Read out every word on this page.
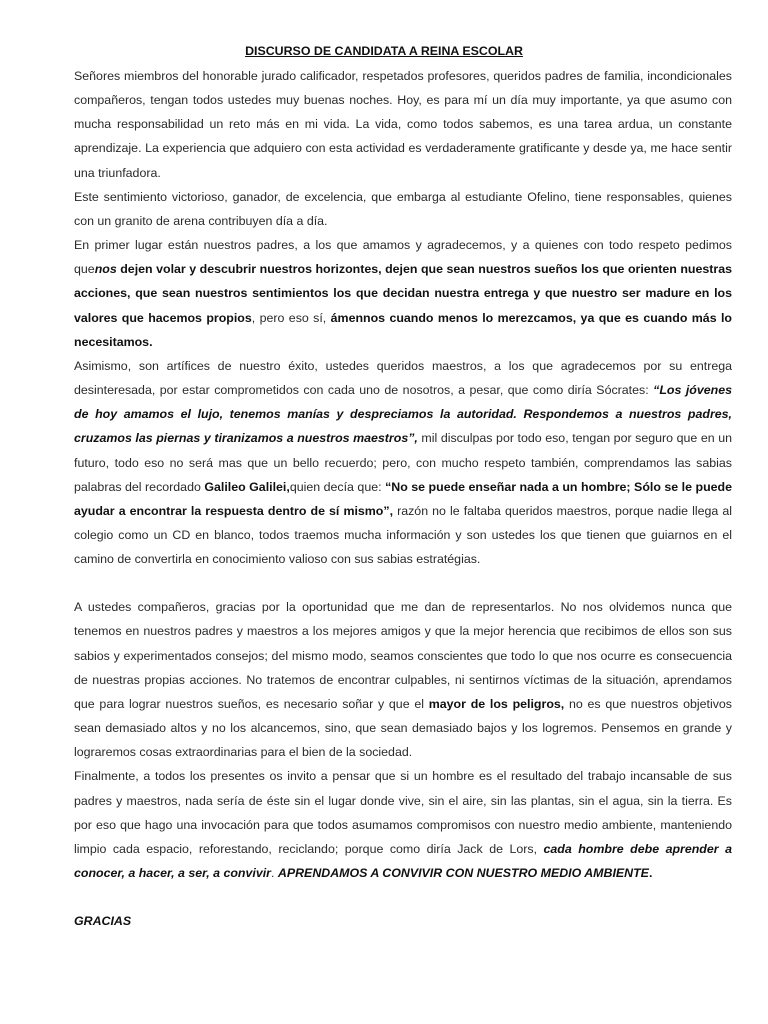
DISCURSO DE CANDIDATA A REINA ESCOLAR

Señores miembros del honorable jurado calificador, respetados profesores, queridos padres de familia, incondicionales compañeros, tengan todos ustedes muy buenas noches. Hoy, es para mí un día muy importante, ya que asumo con mucha responsabilidad un reto más en mi vida. La vida, como todos sabemos, es una tarea ardua, un constante aprendizaje. La experiencia que adquiero con esta actividad es verdaderamente gratificante y desde ya, me hace sentir una triunfadora.

Este sentimiento victorioso, ganador, de excelencia, que embarga al estudiante Ofelino, tiene responsables, quienes con un granito de arena contribuyen día a día.

En primer lugar están nuestros padres, a los que amamos y agradecemos, y a quienes con todo respeto pedimos quenos dejen volar y descubrir nuestros horizontes, dejen que sean nuestros sueños los que orienten nuestras acciones, que sean nuestros sentimientos los que decidan nuestra entrega y que nuestro ser madure en los valores que hacemos propios, pero eso sí, ámennos cuando menos lo merezcamos, ya que es cuando más lo necesitamos.

Asimismo, son artífices de nuestro éxito, ustedes queridos maestros, a los que agradecemos por su entrega desinteresada, por estar comprometidos con cada uno de nosotros, a pesar, que como diría Sócrates: “Los jóvenes de hoy amamos el lujo, tenemos manías y despreciamos la autoridad. Respondemos a nuestros padres, cruzamos las piernas y tiranizamos a nuestros maestros”, mil disculpas por todo eso, tengan por seguro que en un futuro, todo eso no será mas que un bello recuerdo; pero, con mucho respeto también, comprendamos las sabias palabras del recordado Galileo Galilei,quien decía que: “No se puede enseñar nada a un hombre; Sólo se le puede ayudar a encontrar la respuesta dentro de sí mismo”, razón no le faltaba queridos maestros, porque nadie llega al colegio como un CD en blanco, todos traemos mucha información y son ustedes los que tienen que guiarnos en el camino de convertirla en conocimiento valioso con sus sabias estratégias.

A ustedes compañeros, gracias por la oportunidad que me dan de representarlos. No nos olvidemos nunca que tenemos en nuestros padres y maestros a los mejores amigos y que la mejor herencia que recibimos de ellos son sus sabios y experimentados consejos; del mismo modo, seamos conscientes que todo lo que nos ocurre es consecuencia de nuestras propias acciones. No tratemos de encontrar culpables, ni sentirnos víctimas de la situación, aprendamos que para lograr nuestros sueños, es necesario soñar y que el mayor de los peligros, no es que nuestros objetivos sean demasiado altos y no los alcancemos, sino, que sean demasiado bajos y los logremos. Pensemos en grande y lograremos cosas extraordinarias para el bien de la sociedad.

Finalmente, a todos los presentes os invito a pensar que si un hombre es el resultado del trabajo incansable de sus padres y maestros, nada sería de éste sin el lugar donde vive, sin el aire, sin las plantas, sin el agua, sin la tierra. Es por eso que hago una invocación para que todos asumamos compromisos con nuestro medio ambiente, manteniendo limpio cada espacio, reforestando, reciclando; porque como diría Jack de Lors, cada hombre debe aprender a conocer, a hacer, a ser, a convivir. APRENDAMOS A CONVIVIR CON NUESTRO MEDIO AMBIENTE.

GRACIAS
